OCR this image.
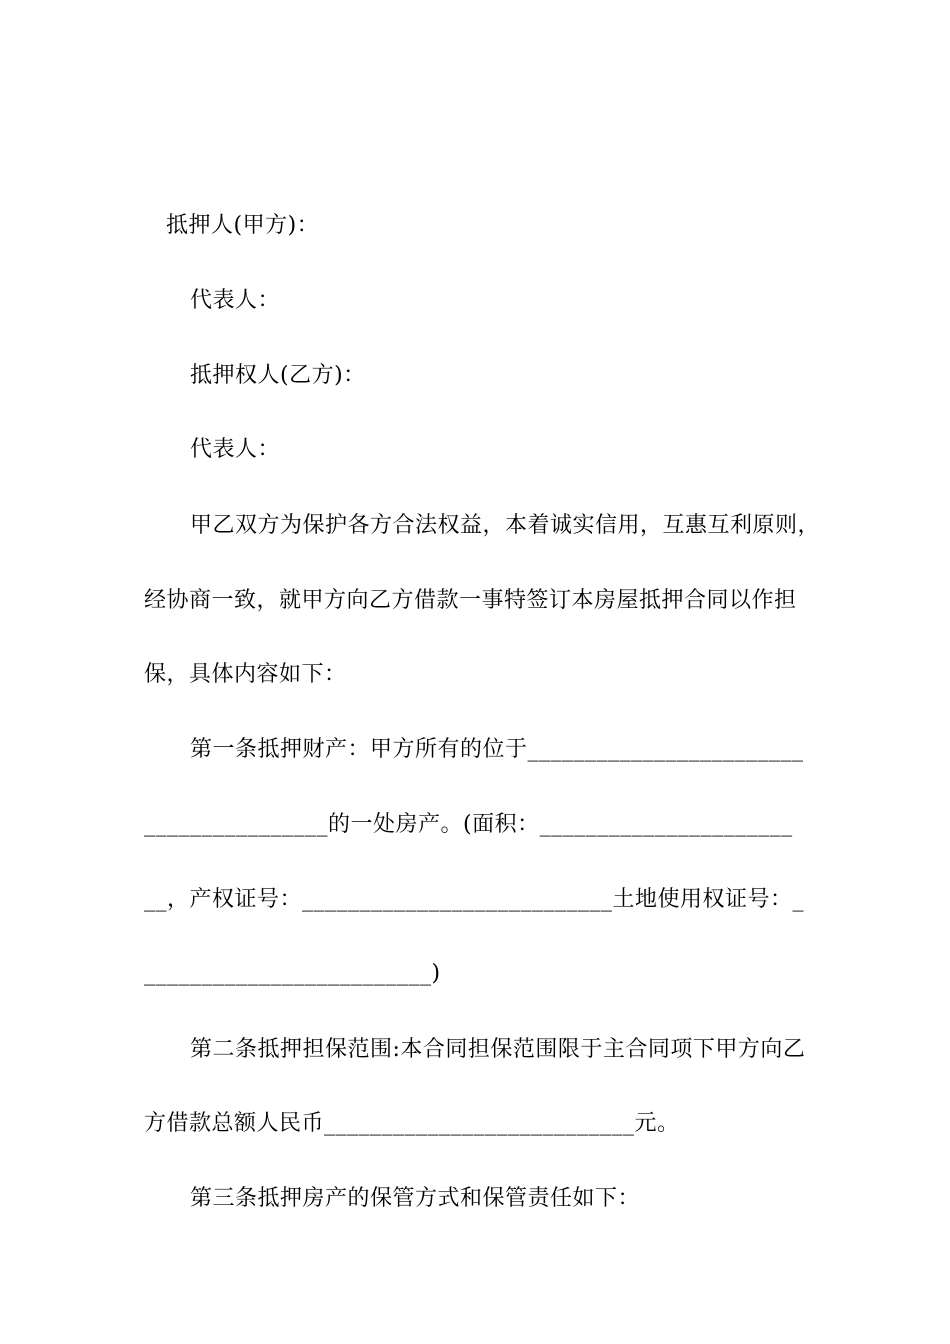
抵押人(甲方)：
代表人：
抵押权人(乙方)：
代表人：
甲乙双方为保护各方合法权益，本着诚实信用，互惠互利原则，
经协商一致，就甲方向乙方借款一事特签订本房屋抵押合同以作担
保，具体内容如下：
第一条抵押财产：甲方所有的位于________________________
________________的一处房产。(面积：______________________
__，产权证号：___________________________土地使用权证号：_
_________________________)
第二条抵押担保范围:本合同担保范围限于主合同项下甲方向乙
方借款总额人民币___________________________元。
第三条抵押房产的保管方式和保管责任如下：
